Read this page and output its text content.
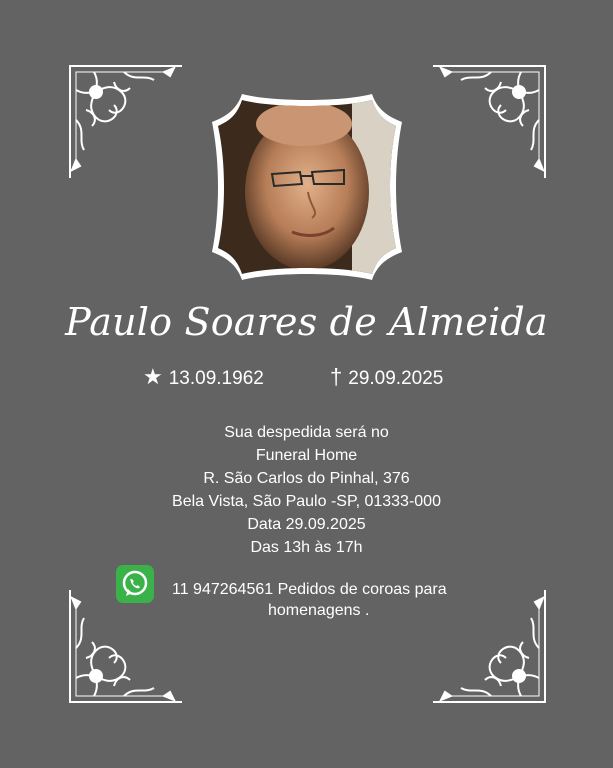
Paulo Soares de Almeida
★ 13.09.1962	† 29.09.2025
Sua despedida será no
Funeral Home
R. São Carlos do Pinhal, 376
Bela Vista, São Paulo -SP, 01333-000
Data 29.09.2025
Das 13h às 17h
11 947264561 Pedidos de coroas para
homenagens .
